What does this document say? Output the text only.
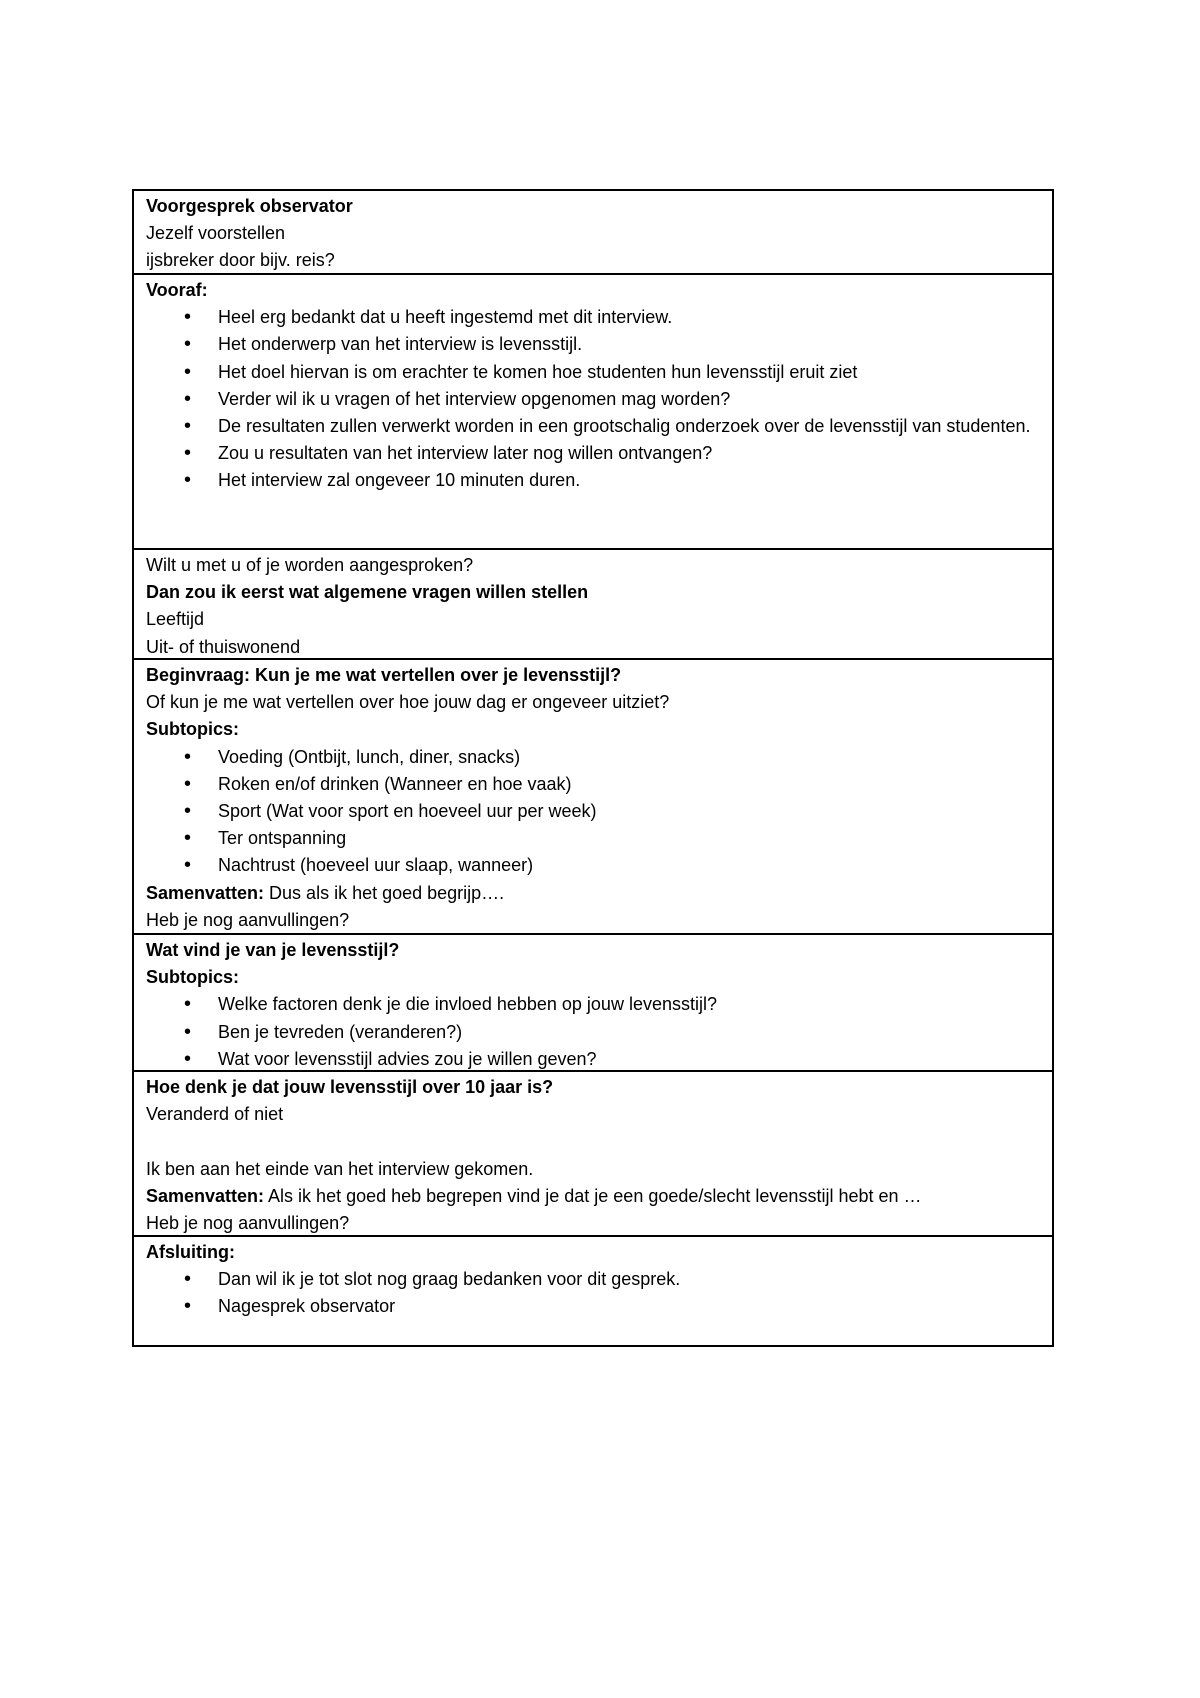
Voorgesprek observator
Jezelf voorstellen
ijsbreker door bijv. reis?
Vooraf:
• Heel erg bedankt dat u heeft ingestemd met dit interview.
• Het onderwerp van het interview is levensstijl.
• Het doel hiervan is om erachter te komen hoe studenten hun levensstijl eruit ziet
• Verder wil ik u vragen of het interview opgenomen mag worden?
• De resultaten zullen verwerkt worden in een grootschalig onderzoek over de levensstijl van studenten.
• Zou u resultaten van het interview later nog willen ontvangen?
• Het interview zal ongeveer 10 minuten duren.
Wilt u met u of je worden aangesproken?
Dan zou ik eerst wat algemene vragen willen stellen
Leeftijd
Uit- of thuiswonend
Beginvraag: Kun je me wat vertellen over je levensstijl?
Of kun je me wat vertellen over hoe jouw dag er ongeveer uitziet?
Subtopics:
• Voeding (Ontbijt, lunch, diner, snacks)
• Roken en/of drinken (Wanneer en hoe vaak)
• Sport (Wat voor sport en hoeveel uur per week)
• Ter ontspanning
• Nachtrust (hoeveel uur slaap, wanneer)
Samenvatten: Dus als ik het goed begrijp….
Heb je nog aanvullingen?
Wat vind je van je levensstijl?
Subtopics:
• Welke factoren denk je die invloed hebben op jouw levensstijl?
• Ben je tevreden (veranderen?)
• Wat voor levensstijl advies zou je willen geven?
Hoe denk je dat jouw levensstijl over 10 jaar is?
Veranderd of niet
Ik ben aan het einde van het interview gekomen.
Samenvatten: Als ik het goed heb begrepen vind je dat je een goede/slecht levensstijl hebt en …
Heb je nog aanvullingen?
Afsluiting:
• Dan wil ik je tot slot nog graag bedanken voor dit gesprek.
• Nagesprek observator
